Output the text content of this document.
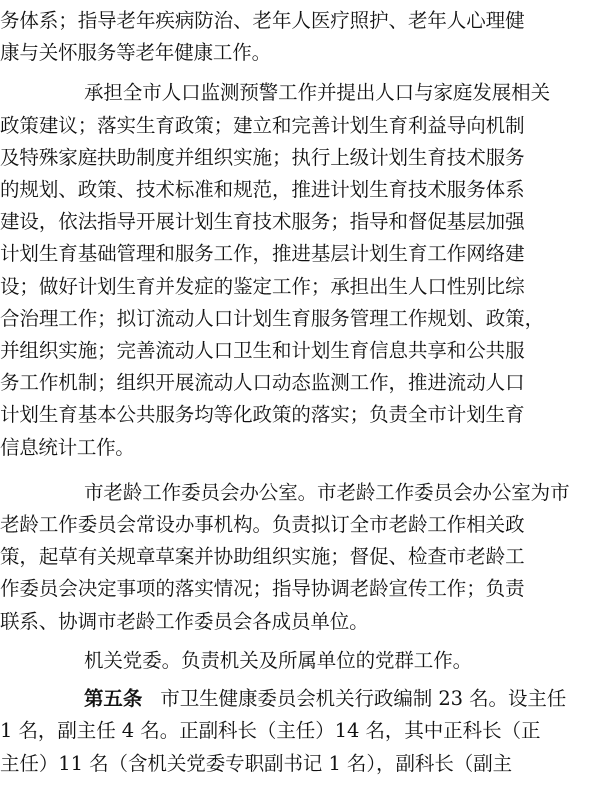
务体系；指导老年疾病防治、老年人医疗照护、老年人心理健
康与关怀服务等老年健康工作。
承担全市人口监测预警工作并提出人口与家庭发展相关
政策建议；落实生育政策；建立和完善计划生育利益导向机制
及特殊家庭扶助制度并组织实施；执行上级计划生育技术服务
的规划、政策、技术标准和规范，推进计划生育技术服务体系
建设，依法指导开展计划生育技术服务；指导和督促基层加强
计划生育基础管理和服务工作，推进基层计划生育工作网络建
设；做好计划生育并发症的鉴定工作；承担出生人口性别比综
合治理工作；拟订流动人口计划生育服务管理工作规划、政策，
并组织实施；完善流动人口卫生和计划生育信息共享和公共服
务工作机制；组织开展流动人口动态监测工作，推进流动人口
计划生育基本公共服务均等化政策的落实；负责全市计划生育
信息统计工作。
市老龄工作委员会办公室。市老龄工作委员会办公室为市
老龄工作委员会常设办事机构。负责拟订全市老龄工作相关政
策，起草有关规章草案并协助组织实施；督促、检查市老龄工
作委员会决定事项的落实情况；指导协调老龄宣传工作；负责
联系、协调市老龄工作委员会各成员单位。
机关党委。负责机关及所属单位的党群工作。
第五条 市卫生健康委员会机关行政编制 23 名。设主任
1 名，副主任 4 名。正副科长（主任）14 名，其中正科长（正
主任）11 名（含机关党委专职副书记 1 名），副科长（副主
